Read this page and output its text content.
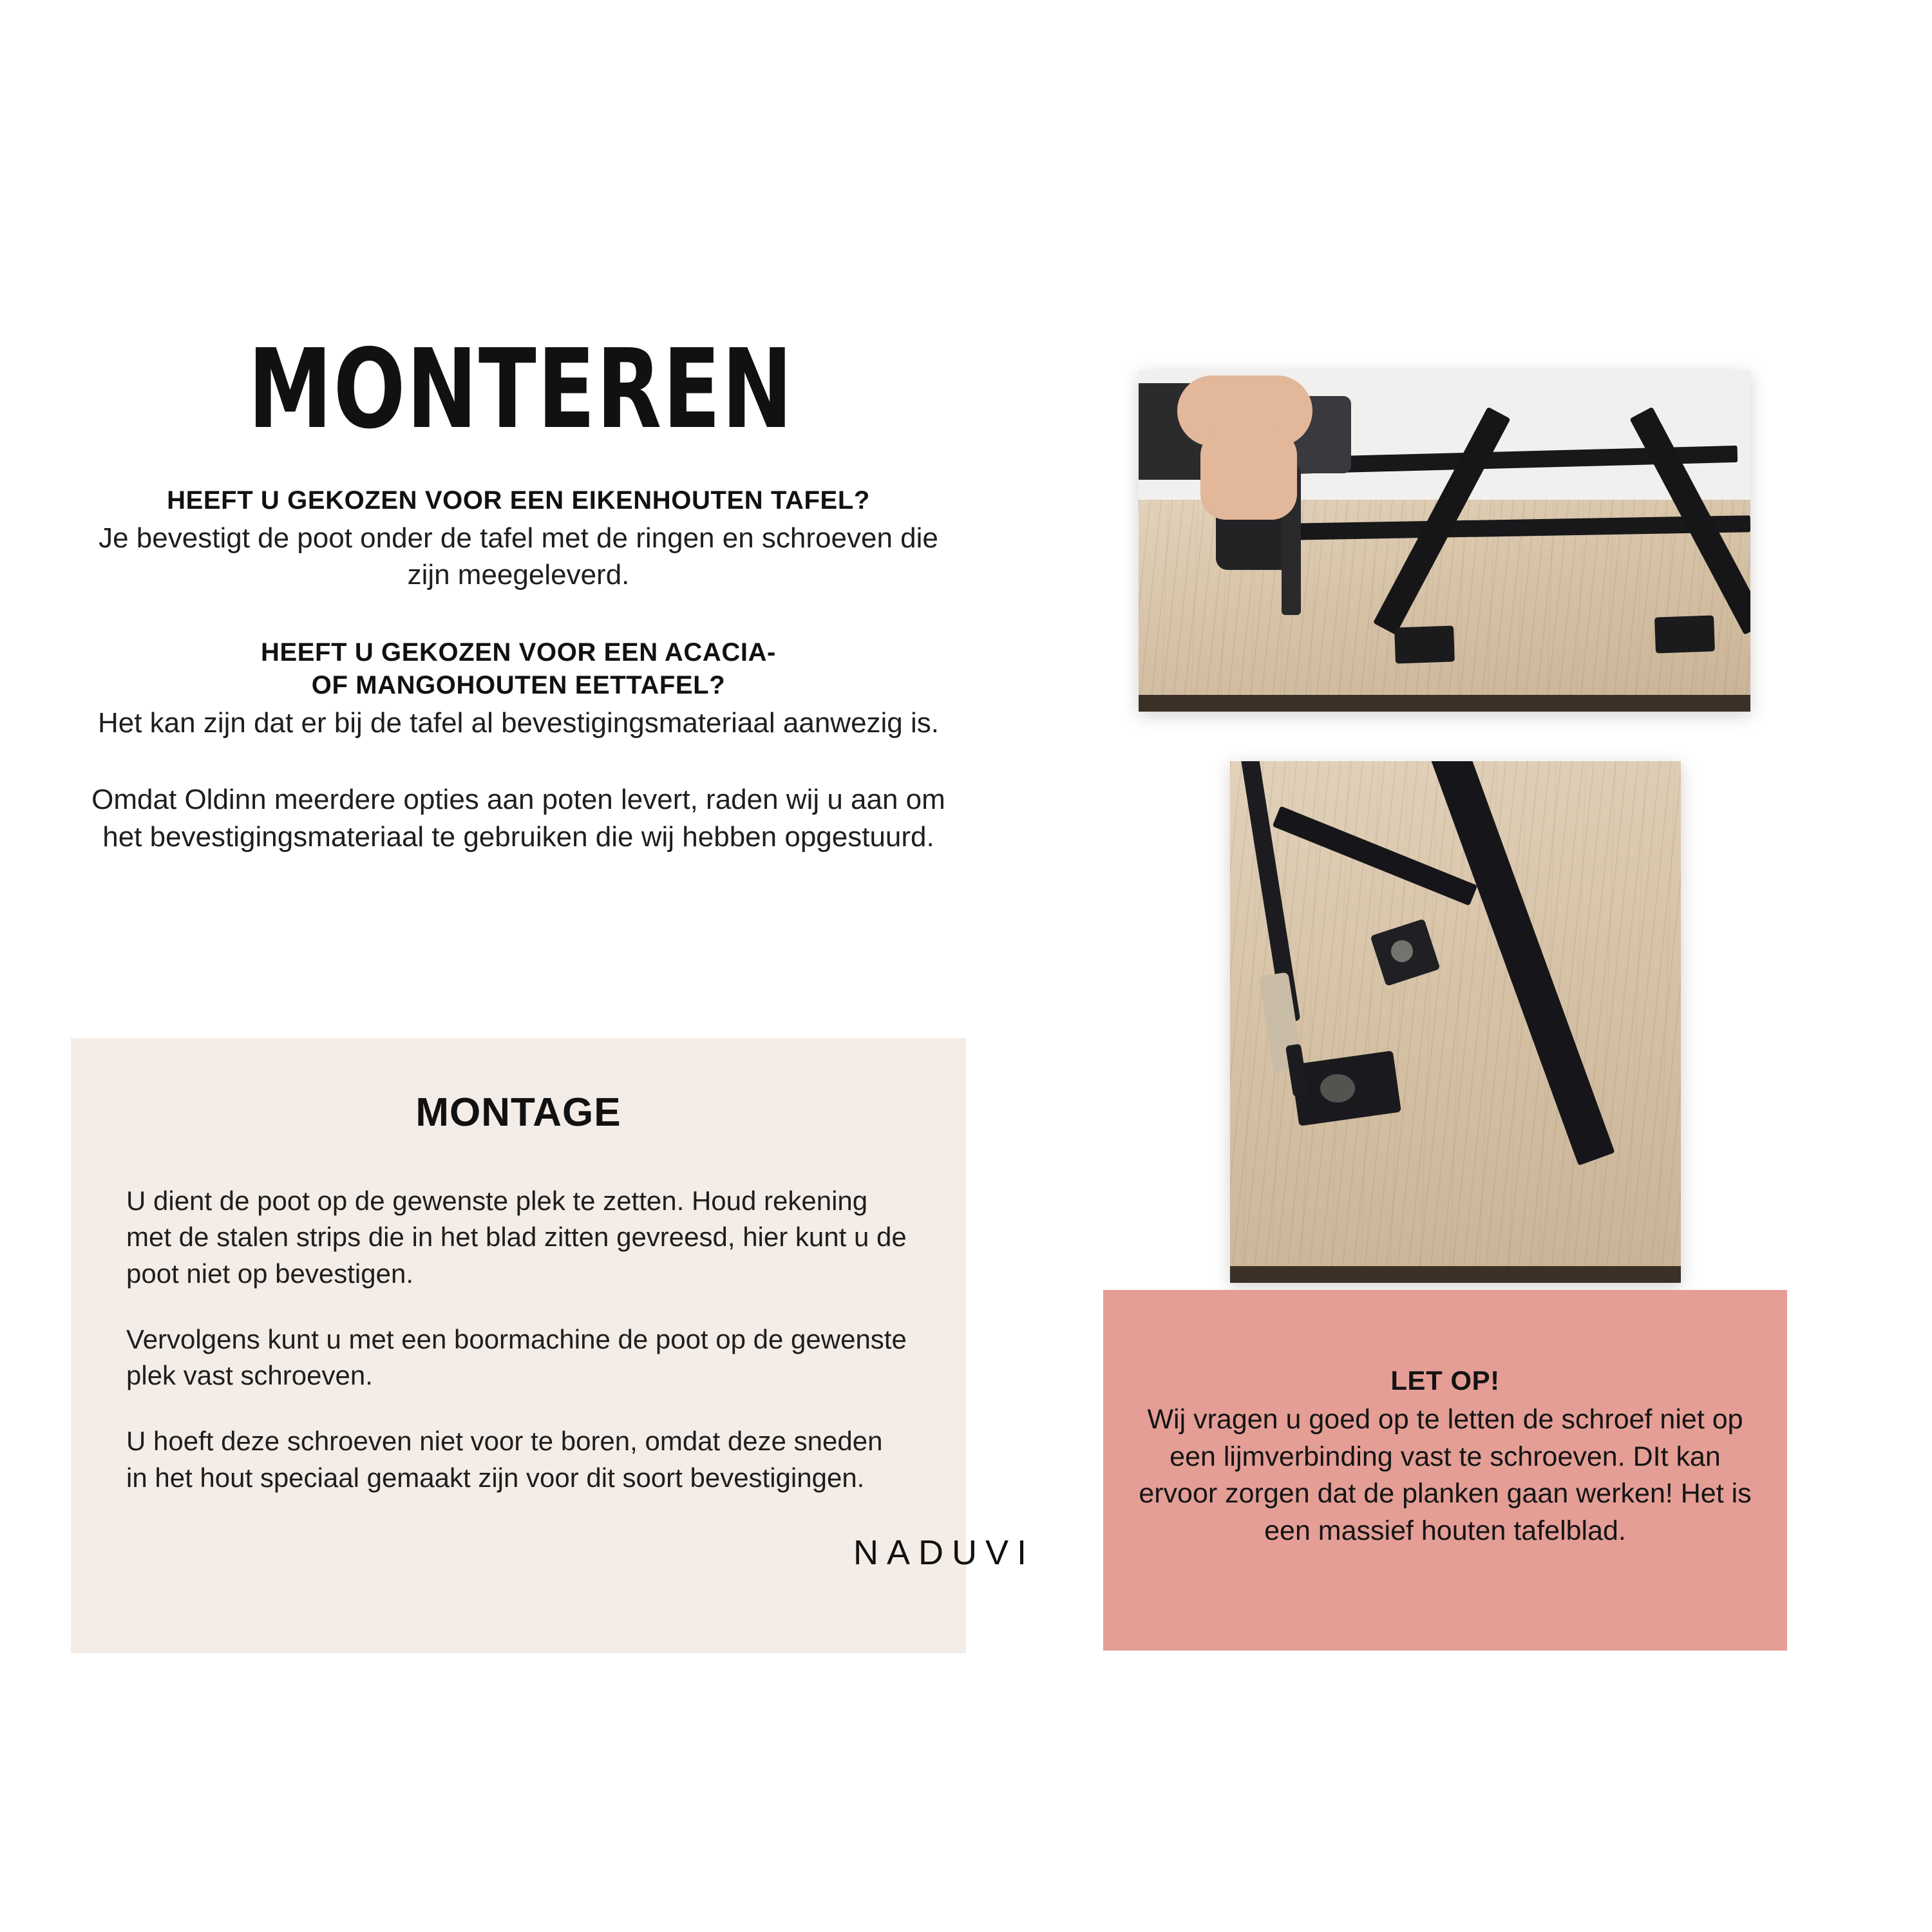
MONTEREN

HEEFT U GEKOZEN VOOR EEN EIKENHOUTEN TAFEL?

Je bevestigt de poot onder de tafel met de ringen en schroeven die zijn meegeleverd.

HEEFT U GEKOZEN VOOR EEN ACACIA-

OF MANGOHOUTEN EETTAFEL?

Het kan zijn dat er bij de tafel al bevestigingsmateriaal aanwezig is.

Omdat Oldinn meerdere opties aan poten levert, raden wij u aan om het bevestigingsmateriaal te gebruiken die wij hebben opgestuurd.

MONTAGE

U dient de poot op de gewenste plek te zetten. Houd rekening met de stalen strips die in het blad zitten gevreesd, hier kunt u de poot niet op bevestigen.

Vervolgens kunt u met een boormachine de poot op de gewenste plek vast schroeven.

U hoeft deze schroeven niet voor te boren, omdat deze sneden in het hout speciaal gemaakt zijn voor dit soort bevestigingen.

NADUVI

LET OP!

Wij vragen u goed op te letten de schroef niet op een lijmverbinding vast te schroeven. DIt kan ervoor zorgen dat de planken gaan werken! Het is een massief houten tafelblad.
